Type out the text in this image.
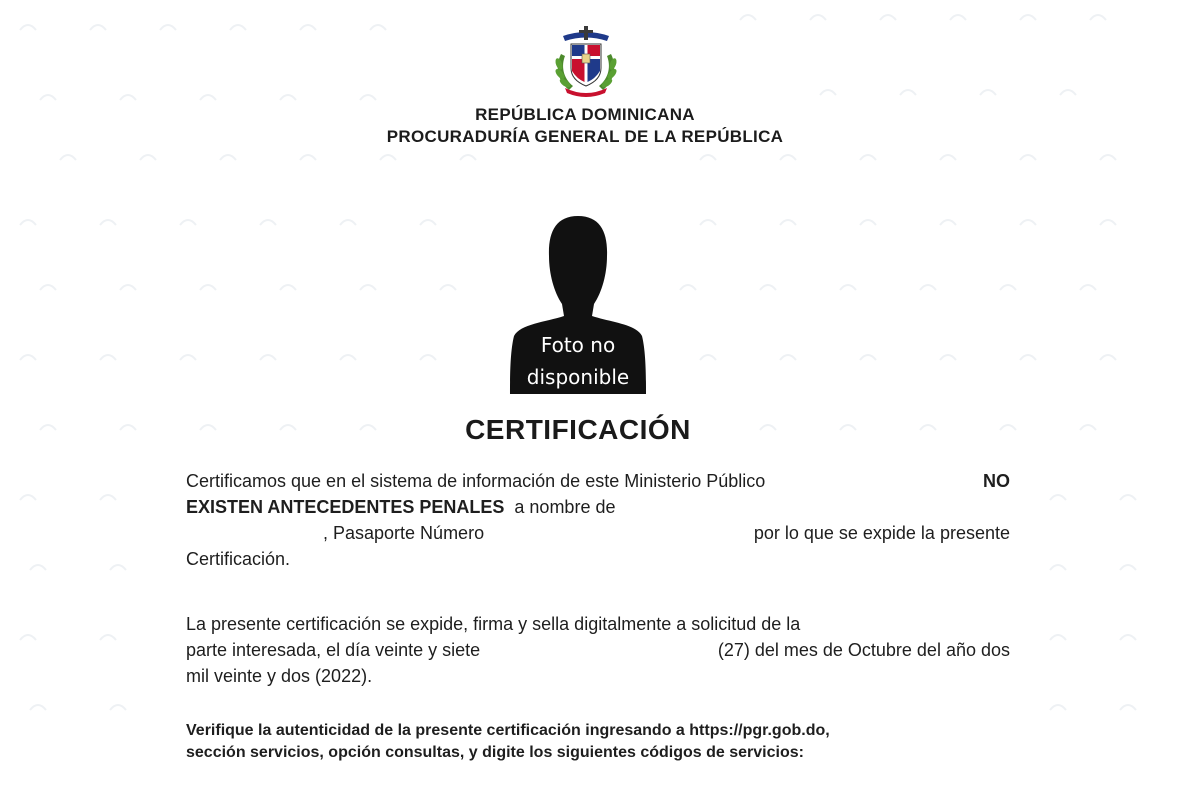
REPÚBLICA DOMINICANA
PROCURADURÍA GENERAL DE LA REPÚBLICA
Foto no
disponible
CERTIFICACIÓN
Certificamos que en el sistema de información de este Ministerio Público	NO
EXISTEN ANTECEDENTES PENALES a nombre de
, Pasaporte Número	por lo que se expide la presente
Certificación.
La presente certificación se expide, firma y sella digitalmente a solicitud de la
parte interesada, el día veinte y siete	(27) del mes de Octubre del año dos
mil veinte y dos (2022).
Verifique la autenticidad de la presente certificación ingresando a https://pgr.gob.do,
sección servicios, opción consultas, y digite los siguientes códigos de servicios:
